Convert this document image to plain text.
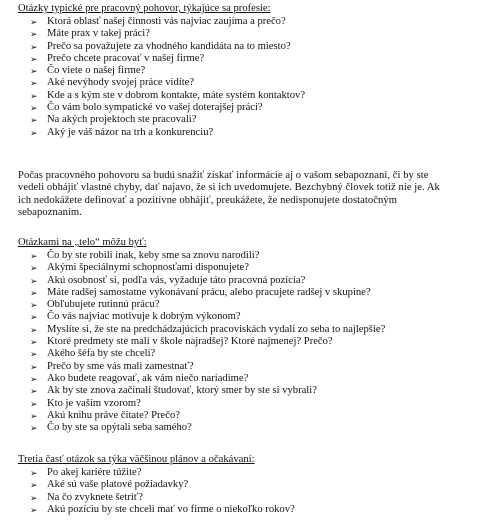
Otázky typické pre pracovný pohovor, týkajúce sa profesie:
➢ Ktorá oblasť našej činnosti vás najviac zaujíma a prečo?
➢ Máte prax v takej práci?
➢ Prečo sa považujete za vhodného kandidáta na to miesto?
➢ Prečo chcete pracovať v našej firme?
➢ Čo viete o našej firme?
➢ Aké nevýhody svojej práce vidíte?
➢ Kde a s kým ste v dobrom kontakte, máte systém kontaktov?
➢ Čo vám bolo sympatické vo vašej doterajšej práci?
➢ Na akých projektoch ste pracovali?
➢ Aký je váš názor na trh a konkurenciu?
Počas pracovného pohovoru sa budú snažiť získať informácie aj o vašom sebapoznaní, či by ste
vedeli obhájiť vlastné chyby, dať najavo, že si ich uvedomujete. Bezchybný človek totiž nie je. Ak
ich nedokážete definovať a pozitívne obhájiť, preukážete, že nedisponujete dostatočným
sebapoznaním.
Otázkami na „telo“ môžu byť:
➢ Čo by ste robili inak, keby sme sa znovu narodili?
➢ Akými špeciálnymi schopnosťami disponujete?
➢ Akú osobnosť si, podľa vás, vyžaduje táto pracovná pozícia?
➢ Máte radšej samostatne vykonávaní prácu, alebo pracujete radšej v skupine?
➢ Obľubujete rutinnú prácu?
➢ Čo vás najviac motivuje k dobrým výkonom?
➢ Myslíte si, že ste na predchádzajúcich pracoviskách vydali zo seba to najlepšie?
➢ Ktoré predmety ste mali v škole najradšej? Ktoré najmenej? Prečo?
➢ Akého šéfa by ste chceli?
➢ Prečo by sme vás mali zamestnať?
➢ Ako budete reagovať, ak vám niečo nariadime?
➢ Ak by ste znova začínali študovať, ktorý smer by ste si vybrali?
➢ Kto je vaším vzorom?
➢ Akú knihu práve čítate? Prečo?
➢ Čo by ste sa opýtali seba samého?
Tretia časť otázok sa týka väčšinou plánov a očakávaní:
➢ Po akej kariére túžite?
➢ Aké sú vaše platové požiadavky?
➢ Na čo zvyknete šetriť?
➢ Akú pozíciu by ste chceli mať vo firme o niekoľko rokov?
